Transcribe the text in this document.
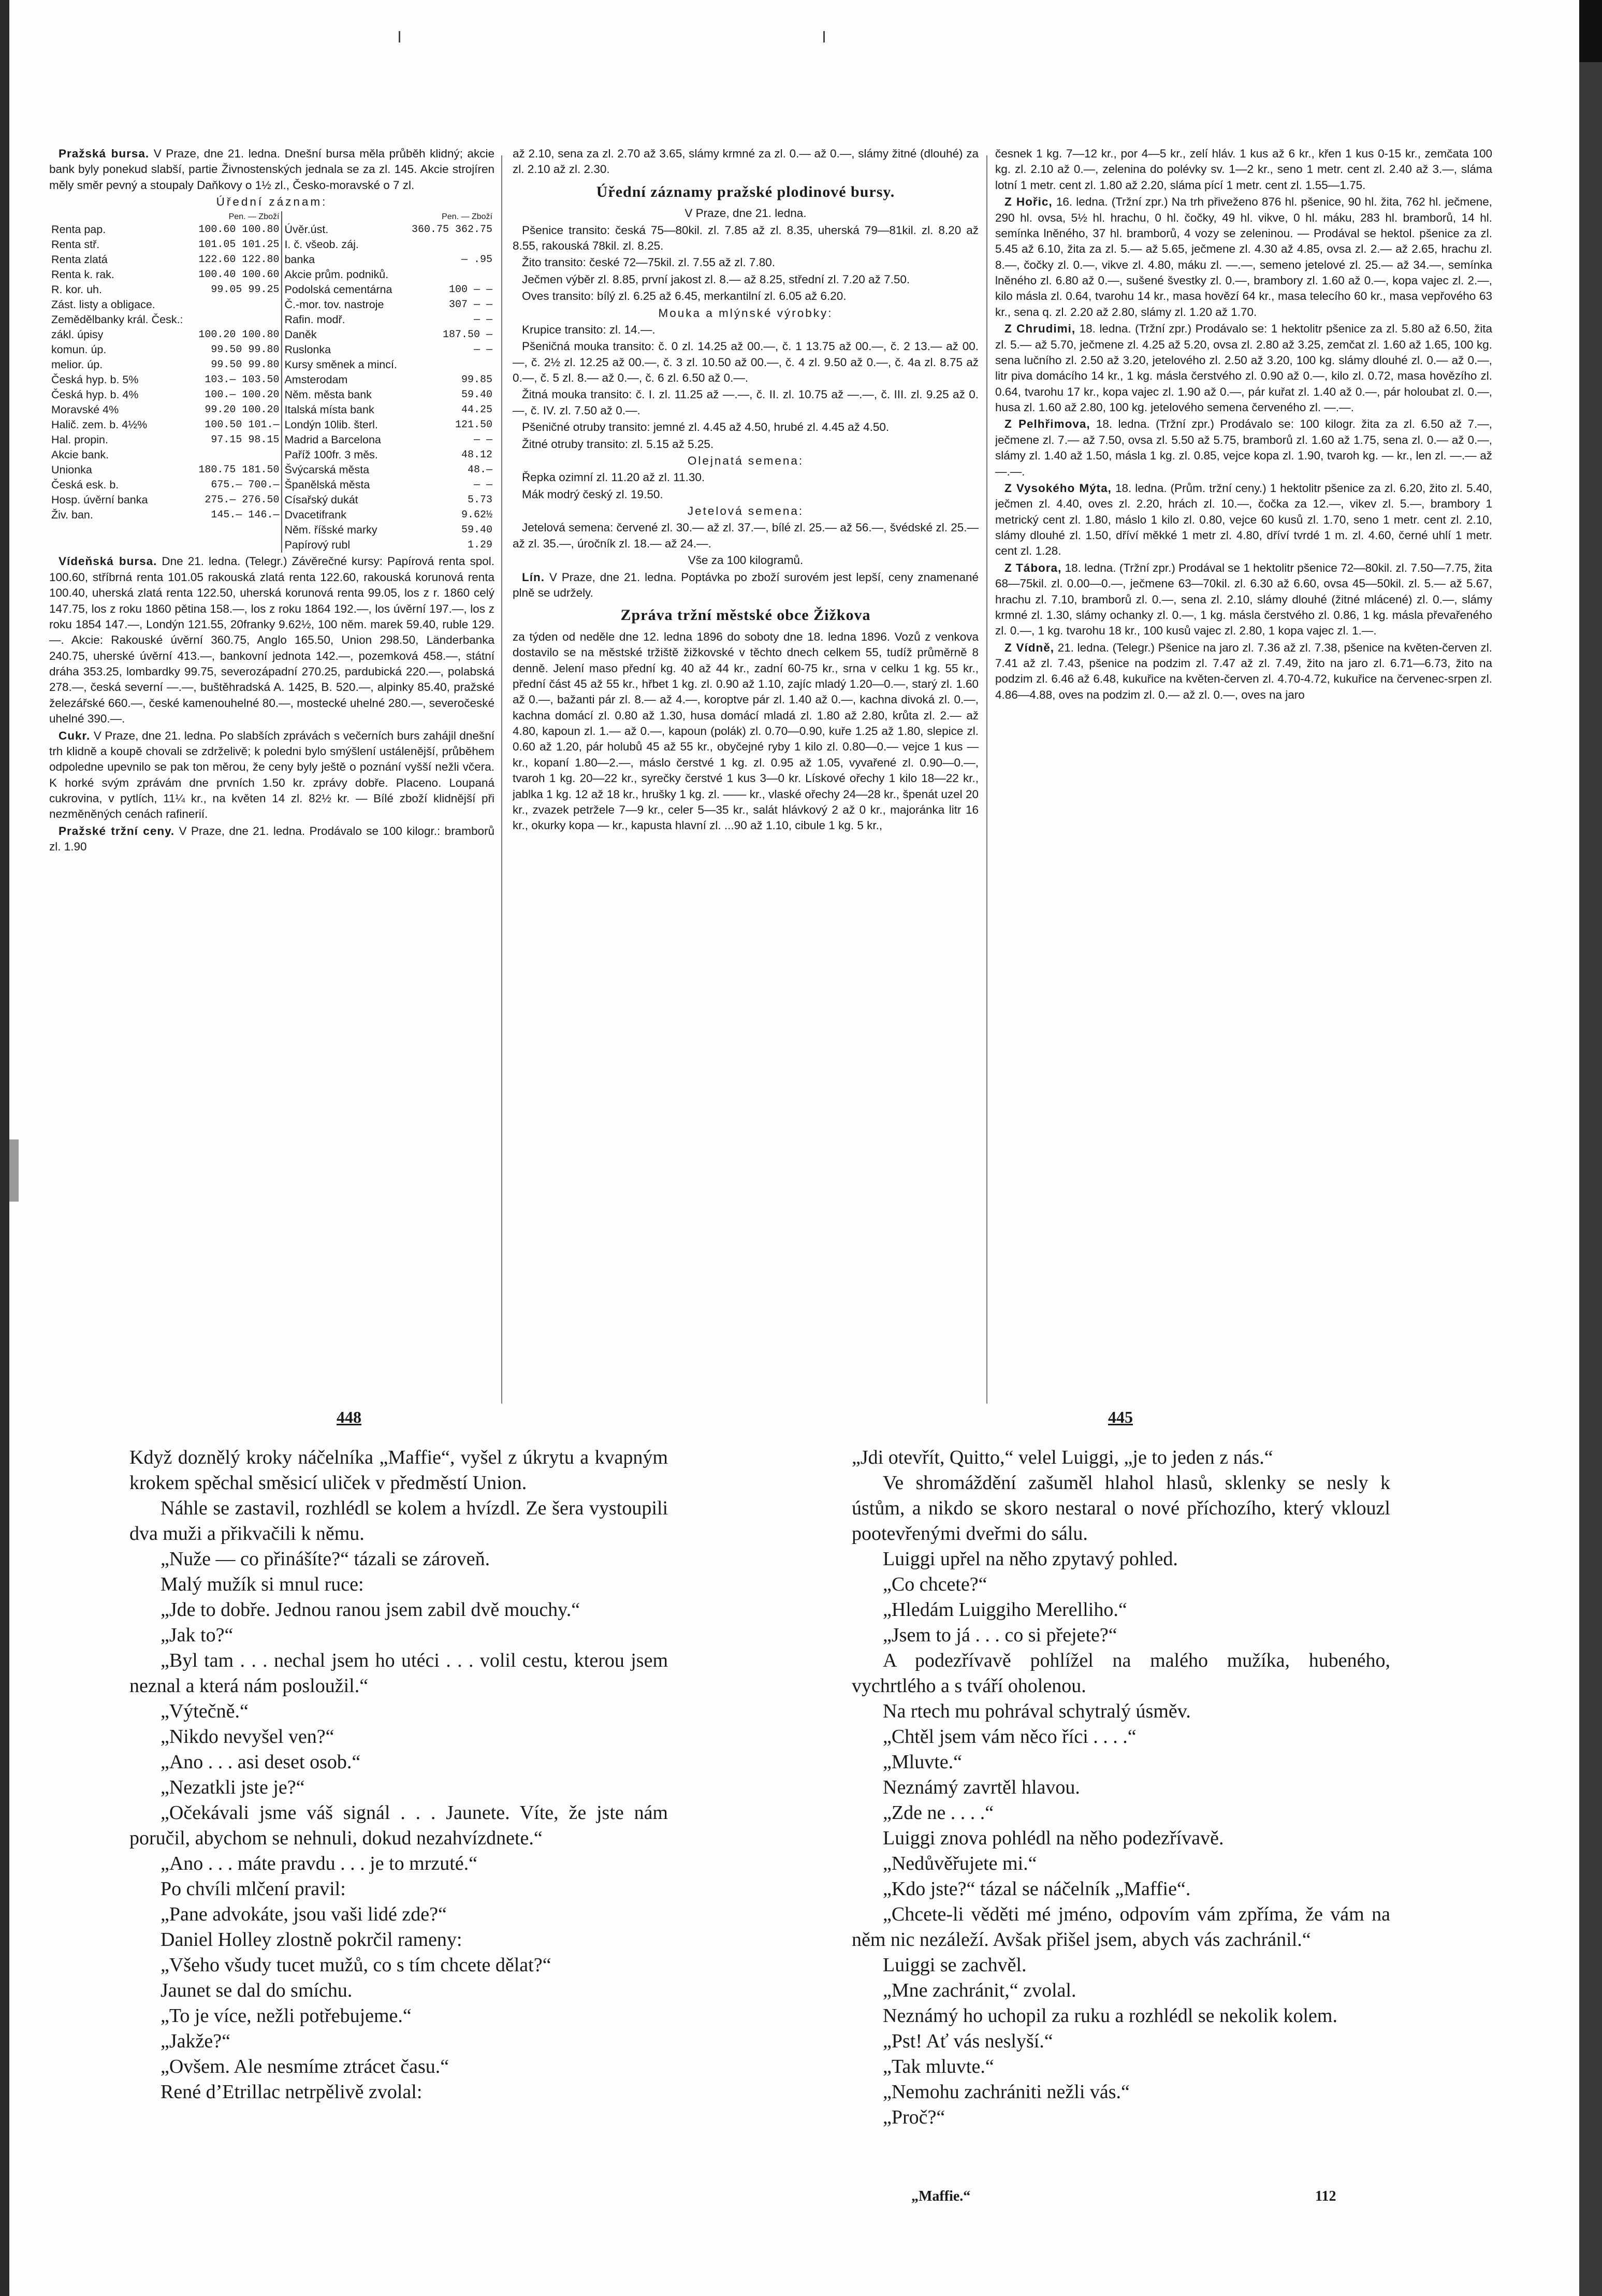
Pražská bursa. V Praze, dne 21. ledna. Dnešní bursa měla průběh klidný; akcie bank byly ponekud slabší, partie Živnostenských jednala se za zl. 145. Akcie strojíren měly směr pevný a stoupaly Daňkovy o 1½ zl., Česko-moravské o 7 zl.

Úřední záznam:

	Pen. — Zboží		Pen. — Zboží
Renta pap.	100.60 100.80	Úvěr.úst.	360.75 362.75
Renta stř.	101.05 101.25	I. č. všeob. záj.	
Renta zlatá	122.60 122.80	banka	— .95
Renta k. rak.	100.40 100.60	Akcie prům. podniků.	
R. kor. uh.	99.05 99.25	Podolská cementárna	100 — —
Zást. listy a obligace.		Č.-mor. tov. nastroje	307 — —
Zemědělbanky král. Česk.:		Rafin. modř.	— —
zákl. úpisy	100.20 100.80	Daněk	187.50 —
komun. úp.	99.50 99.80	Ruslonka	— —
melior. úp.	99.50 99.80	Kursy směnek a mincí.	
Česká hyp. b. 5%	103.— 103.50	Amsterodam	99.85
Česká hyp. b. 4%	100.— 100.20	Něm. města bank	59.40
Moravské 4%	99.20 100.20	Italská místa bank	44.25
Halič. zem. b. 4½%	100.50 101.—	Londýn 10lib. šterl.	121.50
Hal. propin.	97.15 98.15	Madrid a Barcelona	— —
Akcie bank.		Paříž 100fr. 3 měs.	48.12
Unionka	180.75 181.50	Švýcarská města	48.—
Česká esk. b.	675.— 700.—	Španělská města	— —
Hosp. úvěrní banka	275.— 276.50	Císařský dukát	5.73
Živ. ban.	145.— 146.—	Dvacetifrank	9.62½
		Něm. říšské marky	59.40
		Papírový rubl	1.29

Vídeňská bursa. Dne 21. ledna. (Telegr.) Závěrečné kursy: Papírová renta spol. 100.60, stříbrná renta 101.05 rakouská zlatá renta 122.60, rakouská korunová renta 100.40, uherská zlatá renta 122.50, uherská korunová renta 99.05, los z r. 1860 celý 147.75, los z roku 1860 pětina 158.—, los z roku 1864 192.—, los úvěrní 197.—, los z roku 1854 147.—, Londýn 121.55, 20franky 9.62½, 100 něm. marek 59.40, ruble 129.—. Akcie: Rakouské úvěrní 360.75, Anglo 165.50, Union 298.50, Länderbanka 240.75, uherské úvěrní 413.—, bankovní jednota 142.—, pozemková 458.—, státní dráha 353.25, lombardky 99.75, severozápadní 270.25, pardubická 220.—, polabská 278.—, česká severní —.—, buštěhradská A. 1425, B. 520.—, alpinky 85.40, pražské železářské 660.—, české kamenouhelné 80.—, mostecké uhelné 280.—, severočeské uhelné 390.—.

Cukr. V Praze, dne 21. ledna. Po slabších zprávách s večerních burs zahájil dnešní trh klidně a koupě chovali se zdrželivě; k poledni bylo smýšlení ustálenější, průběhem odpoledne upevnilo se pak ton měrou, že ceny byly ještě o poznání vyšší nežli včera. K horké svým zprávám dne prvních 1.50 kr. zprávy dobře. Placeno. Loupaná cukrovina, v pytlích, 11¼ kr., na květen 14 zl. 82½ kr. — Bílé zboží klidnější při nezměněných cenách rafinerií.

Pražské tržní ceny. V Praze, dne 21. ledna. Prodávalo se 100 kilogr.: bramborů zl. 1.90

až 2.10, sena za zl. 2.70 až 3.65, slámy krmné za zl. 0.— až 0.—, slámy žitné (dlouhé) za zl. 2.10 až zl. 2.30.

Úřední záznamy pražské plodinové bursy.

V Praze, dne 21. ledna.

Pšenice transito: česká 75—80kil. zl. 7.85 až zl. 8.35, uherská 79—81kil. zl. 8.20 až 8.55, rakouská 78kil. zl. 8.25.

Žito transito: české 72—75kil. zl. 7.55 až zl. 7.80.

Ječmen výběr zl. 8.85, první jakost zl. 8.— až 8.25, střední zl. 7.20 až 7.50.

Oves transito: bílý zl. 6.25 až 6.45, merkantilní zl. 6.05 až 6.20.

Mouka a mlýnské výrobky:

Krupice transito: zl. 14.—.

Pšeničná mouka transito: č. 0 zl. 14.25 až 00.—, č. 1 13.75 až 00.—, č. 2 13.— až 00.—, č. 2½ zl. 12.25 až 00.—, č. 3 zl. 10.50 až 00.—, č. 4 zl. 9.50 až 0.—, č. 4a zl. 8.75 až 0.—, č. 5 zl. 8.— až 0.—, č. 6 zl. 6.50 až 0.—.

Žitná mouka transito: č. I. zl. 11.25 až —.—, č. II. zl. 10.75 až —.—, č. III. zl. 9.25 až 0.—, č. IV. zl. 7.50 až 0.—.

Pšeničné otruby transito: jemné zl. 4.45 až 4.50, hrubé zl. 4.45 až 4.50.

Žitné otruby transito: zl. 5.15 až 5.25.

Olejnatá semena:

Řepka ozimní zl. 11.20 až zl. 11.30.

Mák modrý český zl. 19.50.

Jetelová semena:

Jetelová semena: červené zl. 30.— až zl. 37.—, bílé zl. 25.— až 56.—, švédské zl. 25.— až zl. 35.—, úročník zl. 18.— až 24.—.

Vše za 100 kilogramů.

Lín. V Praze, dne 21. ledna. Poptávka po zboží surovém jest lepší, ceny znamenané plně se udržely.

Zpráva tržní městské obce Žižkova

za týden od neděle dne 12. ledna 1896 do soboty dne 18. ledna 1896. Vozů z venkova dostavilo se na městské tržiště žižkovské v těchto dnech celkem 55, tudíž průměrně 8 denně. Jelení maso přední kg. 40 až 44 kr., zadní 60-75 kr., srna v celku 1 kg. 55 kr., přední část 45 až 55 kr., hřbet 1 kg. zl. 0.90 až 1.10, zajíc mladý 1.20—0.—, starý zl. 1.60 až 0.—, bažanti pár zl. 8.— až 4.—, koroptve pár zl. 1.40 až 0.—, kachna divoká zl. 0.—, kachna domácí zl. 0.80 až 1.30, husa domácí mladá zl. 1.80 až 2.80, krůta zl. 2.— až 4.80, kapoun zl. 1.— až 0.—, kapoun (polák) zl. 0.70—0.90, kuře 1.25 až 1.80, slepice zl. 0.60 až 1.20, pár holubů 45 až 55 kr., obyčejné ryby 1 kilo zl. 0.80—0.— vejce 1 kus — kr., kopaní 1.80—2.—, máslo čerstvé 1 kg. zl. 0.95 až 1.05, vyvařené zl. 0.90—0.—, tvaroh 1 kg. 20—22 kr., syrečky čerstvé 1 kus 3—0 kr. Lískové ořechy 1 kilo 18—22 kr., jablka 1 kg. 12 až 18 kr., hrušky 1 kg. zl. —— kr., vlaské ořechy 24—28 kr., špenát uzel 20 kr., zvazek petržele 7—9 kr., celer 5—35 kr., salát hlávkový 2 až 0 kr., majoránka litr 16 kr., okurky kopa — kr., kapusta hlavní zl. ...90 až 1.10, cibule 1 kg. 5 kr.,

česnek 1 kg. 7—12 kr., por 4—5 kr., zelí hláv. 1 kus až 6 kr., křen 1 kus 0-15 kr., zemčata 100 kg. zl. 2.10 až 0.—, zelenina do polévky sv. 1—2 kr., seno 1 metr. cent zl. 2.40 až 3.—, sláma lotní 1 metr. cent zl. 1.80 až 2.20, sláma pící 1 metr. cent zl. 1.55—1.75.

Z Hořic, 16. ledna. (Tržní zpr.) Na trh přiveženo 876 hl. pšenice, 90 hl. žita, 762 hl. ječmene, 290 hl. ovsa, 5½ hl. hrachu, 0 hl. čočky, 49 hl. vikve, 0 hl. máku, 283 hl. bramborů, 14 hl. semínka lněného, 37 hl. bramborů, 4 vozy se zeleninou. — Prodával se hektol. pšenice za zl. 5.45 až 6.10, žita za zl. 5.— až 5.65, ječmene zl. 4.30 až 4.85, ovsa zl. 2.— až 2.65, hrachu zl. 8.—, čočky zl. 0.—, vikve zl. 4.80, máku zl. —.—, semeno jetelové zl. 25.— až 34.—, semínka lněného zl. 6.80 až 0.—, sušené švestky zl. 0.—, brambory zl. 1.60 až 0.—, kopa vajec zl. 2.—, kilo másla zl. 0.64, tvarohu 14 kr., masa hovězí 64 kr., masa telecího 60 kr., masa vepřového 63 kr., sena q. zl. 2.20 až 2.80, slámy zl. 1.20 až 1.70.

Z Chrudimi, 18. ledna. (Tržní zpr.) Prodávalo se: 1 hektolitr pšenice za zl. 5.80 až 6.50, žita zl. 5.— až 5.70, ječmene zl. 4.25 až 5.20, ovsa zl. 2.80 až 3.25, zemčat zl. 1.60 až 1.65, 100 kg. sena lučního zl. 2.50 až 3.20, jetelového zl. 2.50 až 3.20, 100 kg. slámy dlouhé zl. 0.— až 0.—, litr piva domácího 14 kr., 1 kg. másla čerstvého zl. 0.90 až 0.—, kilo zl. 0.72, masa hovězího zl. 0.64, tvarohu 17 kr., kopa vajec zl. 1.90 až 0.—, pár kuřat zl. 1.40 až 0.—, pár holoubat zl. 0.—, husa zl. 1.60 až 2.80, 100 kg. jetelového semena červeného zl. —.—.

Z Pelhřimova, 18. ledna. (Tržní zpr.) Prodávalo se: 100 kilogr. žita za zl. 6.50 až 7.—, ječmene zl. 7.— až 7.50, ovsa zl. 5.50 až 5.75, bramborů zl. 1.60 až 1.75, sena zl. 0.— až 0.—, slámy zl. 1.40 až 1.50, másla 1 kg. zl. 0.85, vejce kopa zl. 1.90, tvaroh kg. — kr., len zl. —.— až —.—.

Z Vysokého Mýta, 18. ledna. (Prům. tržní ceny.) 1 hektolitr pšenice za zl. 6.20, žito zl. 5.40, ječmen zl. 4.40, oves zl. 2.20, hrách zl. 10.—, čočka za 12.—, vikev zl. 5.—, brambory 1 metrický cent zl. 1.80, máslo 1 kilo zl. 0.80, vejce 60 kusů zl. 1.70, seno 1 metr. cent zl. 2.10, slámy dlouhé zl. 1.50, dříví měkké 1 metr zl. 4.80, dříví tvrdé 1 m. zl. 4.60, černé uhlí 1 metr. cent zl. 1.28.

Z Tábora, 18. ledna. (Tržní zpr.) Prodával se 1 hektolitr pšenice 72—80kil. zl. 7.50—7.75, žita 68—75kil. zl. 0.00—0.—, ječmene 63—70kil. zl. 6.30 až 6.60, ovsa 45—50kil. zl. 5.— až 5.67, hrachu zl. 7.10, bramborů zl. 0.—, sena zl. 2.10, slámy dlouhé (žitné mlácené) zl. 0.—, slámy krmné zl. 1.30, slámy ochanky zl. 0.—, 1 kg. másla čerstvého zl. 0.86, 1 kg. másla převařeného zl. 0.—, 1 kg. tvarohu 18 kr., 100 kusů vajec zl. 2.80, 1 kopa vajec zl. 1.—.

Z Vídně, 21. ledna. (Telegr.) Pšenice na jaro zl. 7.36 až zl. 7.38, pšenice na květen-červen zl. 7.41 až zl. 7.43, pšenice na podzim zl. 7.47 až zl. 7.49, žito na jaro zl. 6.71—6.73, žito na podzim zl. 6.46 až 6.48, kukuřice na květen-červen zl. 4.70-4.72, kukuřice na červenec-srpen zl. 4.86—4.88, oves na podzim zl. 0.— až zl. 0.—, oves na jaro

448	445

Když doznělý kroky náčelníka „Maffie“, vyšel z úkrytu a kvapným krokem spěchal směsicí uliček v předměstí Union.

Náhle se zastavil, rozhlédl se kolem a hvízdl. Ze šera vystoupili dva muži a přikvačili k němu.

„Nuže — co přinášíte?“ tázali se zároveň.

Malý mužík si mnul ruce:

„Jde to dobře. Jednou ranou jsem zabil dvě mouchy.“

„Jak to?“

„Byl tam . . . nechal jsem ho utéci . . . volil cestu, kterou jsem neznal a která nám posloužil.“

„Výtečně.“

„Nikdo nevyšel ven?“

„Ano . . . asi deset osob.“

„Nezatkli jste je?“

„Očekávali jsme váš signál . . . Jaunete. Víte, že jste nám poručil, abychom se nehnuli, dokud nezahvízdnete.“

„Ano . . . máte pravdu . . . je to mrzuté.“

Po chvíli mlčení pravil:

„Pane advokáte, jsou vaši lidé zde?“

Daniel Holley zlostně pokrčil rameny:

„Všeho všudy tucet mužů, co s tím chcete dělat?“

Jaunet se dal do smíchu.

„To je více, nežli potřebujeme.“

„Jakže?“

„Ovšem. Ale nesmíme ztrácet času.“

René d’Etrillac netrpělivě zvolal:

„Jdi otevřít, Quitto,“ velel Luiggi, „je to jeden z nás.“

Ve shromáždění zašuměl hlahol hlasů, sklenky se nesly k ústům, a nikdo se skoro nestaral o nové příchozího, který vklouzl pootevřenými dveřmi do sálu.

Luiggi upřel na něho zpytavý pohled.

„Co chcete?“

„Hledám Luiggiho Merelliho.“

„Jsem to já . . . co si přejete?“

A podezřívavě pohlížel na malého mužíka, hubeného, vychrtlého a s tváří oholenou.

Na rtech mu pohrával schytralý úsměv.

„Chtěl jsem vám něco říci . . . .“

„Mluvte.“

Neznámý zavrtěl hlavou.

„Zde ne . . . .“

Luiggi znova pohlédl na něho podezřívavě.

„Nedůvěřujete mi.“

„Kdo jste?“ tázal se náčelník „Maffie“.

„Chcete-li věděti mé jméno, odpovím vám zpříma, že vám na něm nic nezáleží. Avšak přišel jsem, abych vás zachránil.“

Luiggi se zachvěl.

„Mne zachránit,“ zvolal.

Neznámý ho uchopil za ruku a rozhlédl se nekolik kolem.

„Pst! Ať vás neslyší.“

„Tak mluvte.“

„Nemohu zachrániti nežli vás.“

„Proč?“

„Maffie.“	112
